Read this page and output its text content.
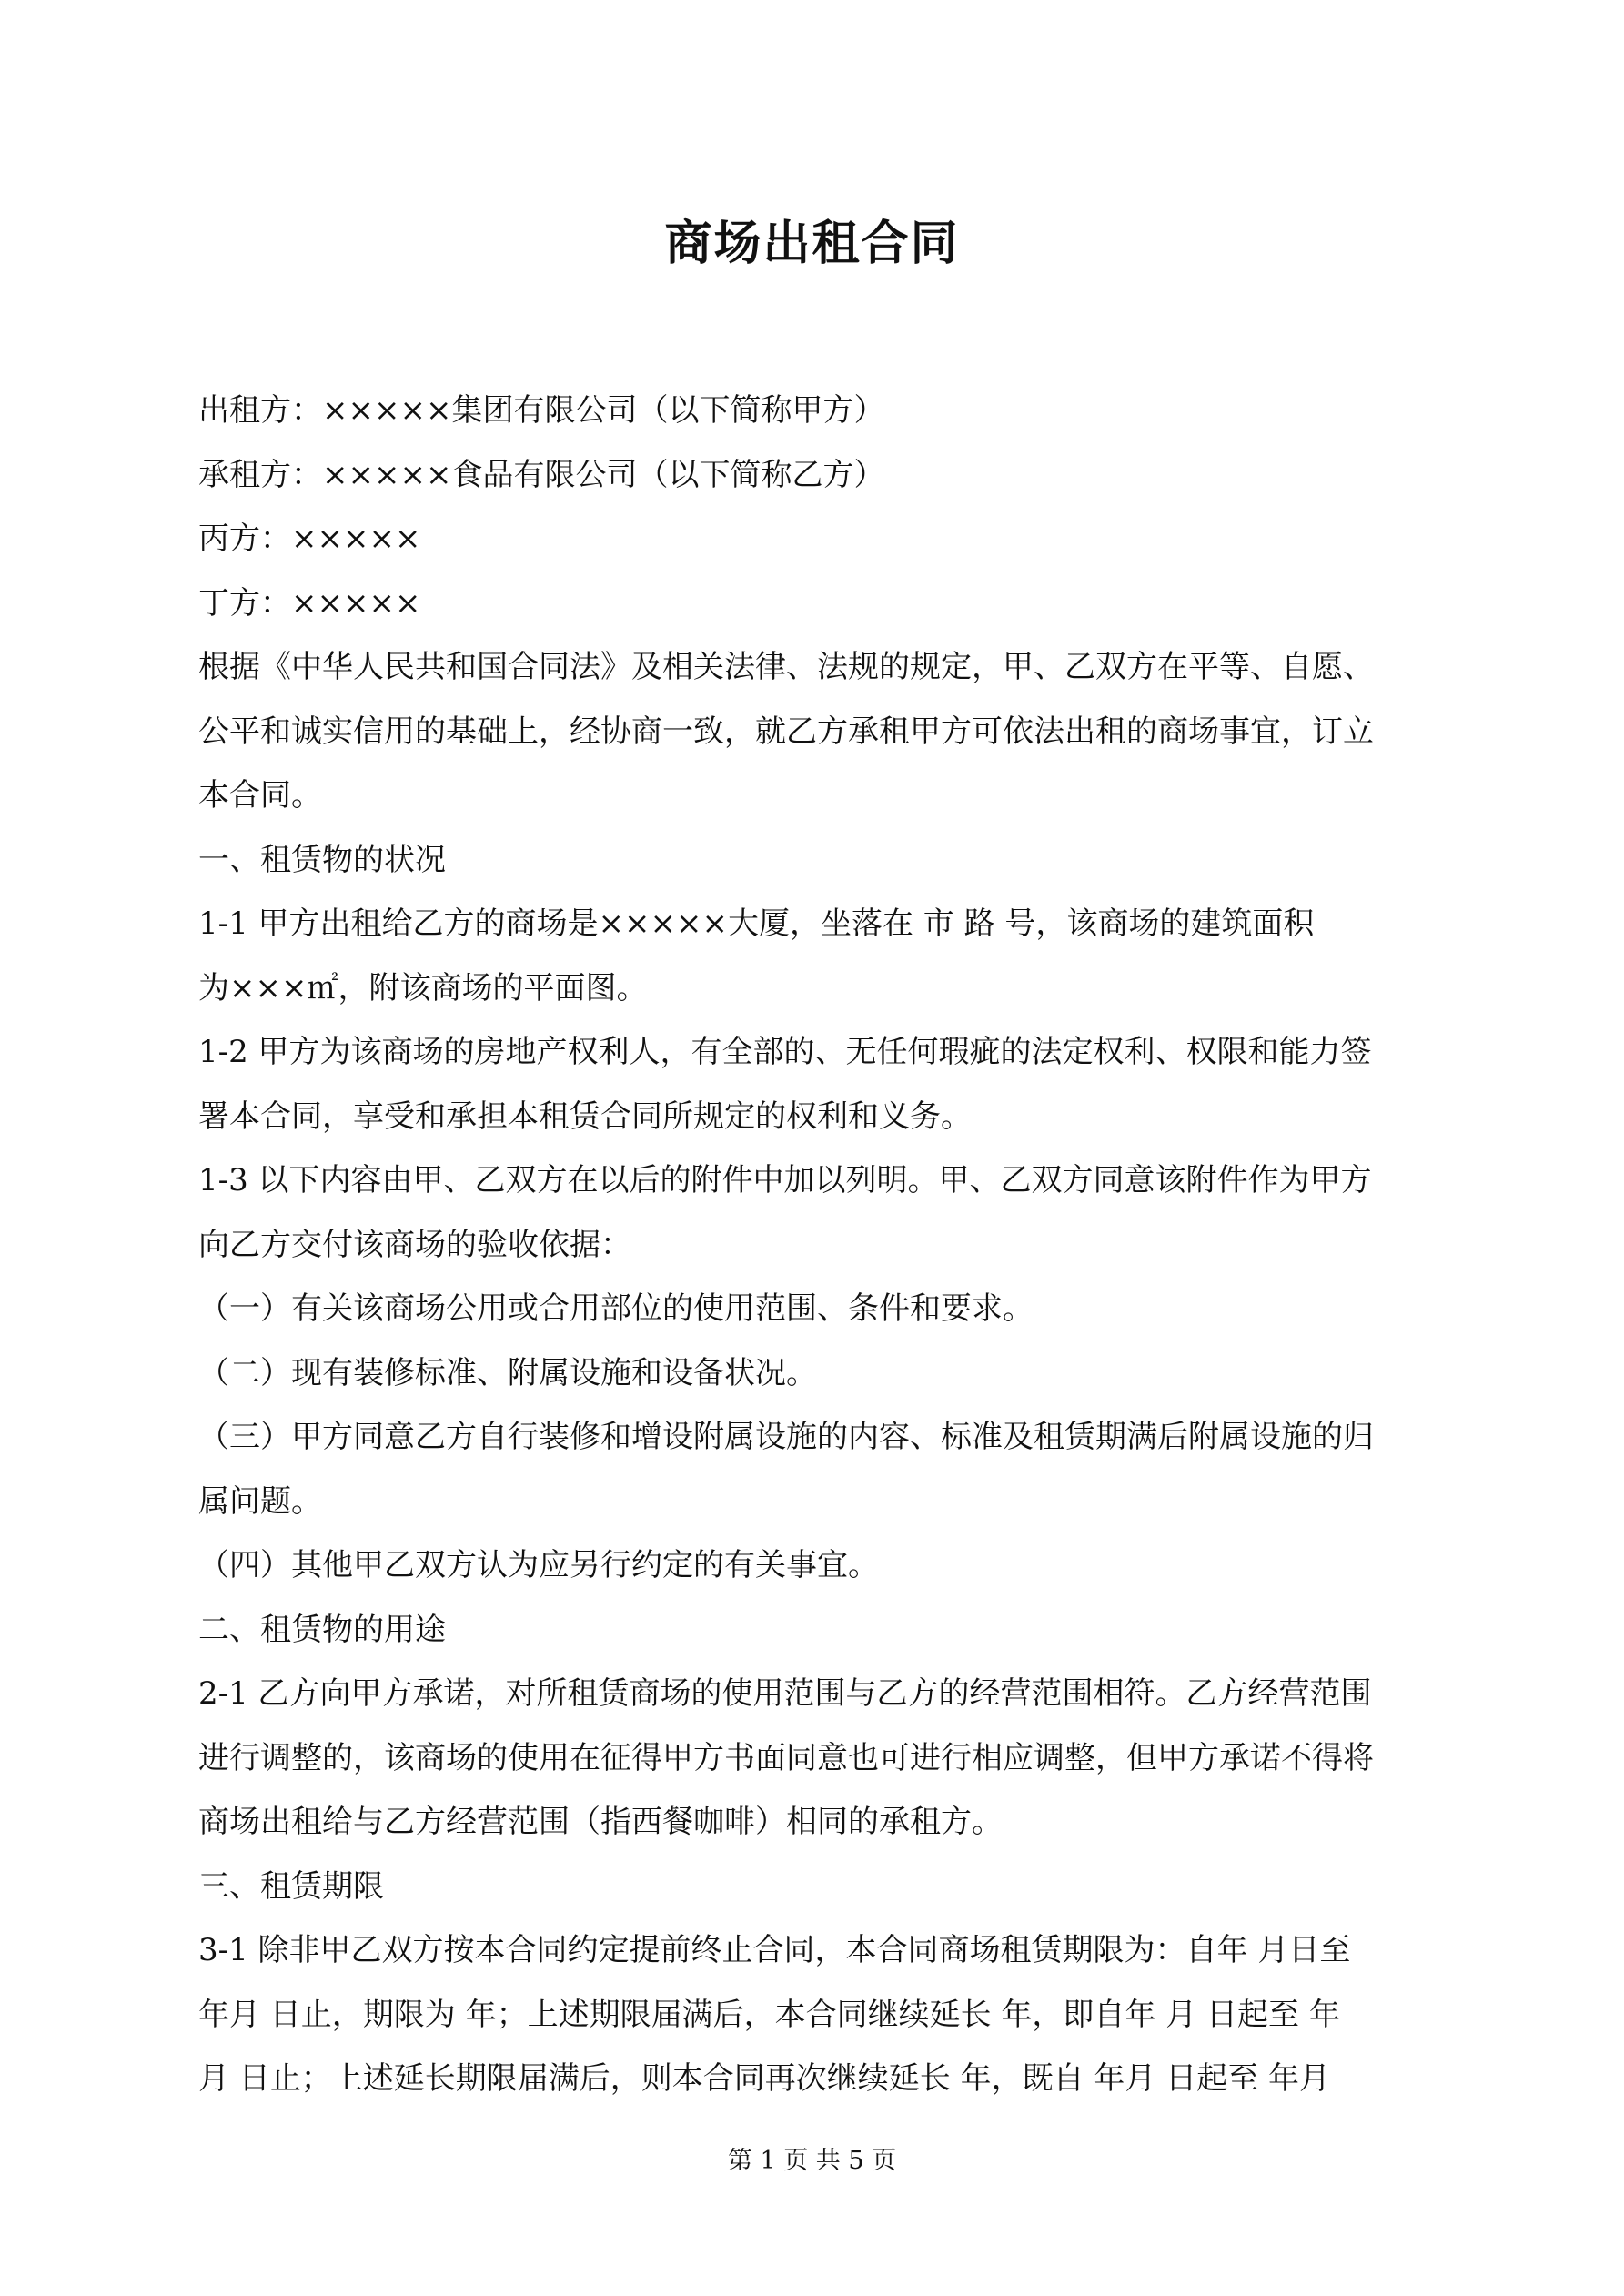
商场出租合同
出租方：×××××集团有限公司（以下简称甲方）
承租方：×××××食品有限公司（以下简称乙方）
丙方：×××××
丁方：×××××
根据《中华人民共和国合同法》及相关法律、法规的规定，甲、乙双方在平等、自愿、
公平和诚实信用的基础上，经协商一致，就乙方承租甲方可依法出租的商场事宜，订立
本合同。
一、租赁物的状况
1-1 甲方出租给乙方的商场是×××××大厦，坐落在 市 路 号，该商场的建筑面积
为×××㎡，附该商场的平面图。
1-2 甲方为该商场的房地产权利人，有全部的、无任何瑕疵的法定权利、权限和能力签
署本合同，享受和承担本租赁合同所规定的权利和义务。
1-3 以下内容由甲、乙双方在以后的附件中加以列明。甲、乙双方同意该附件作为甲方
向乙方交付该商场的验收依据：
（一）有关该商场公用或合用部位的使用范围、条件和要求。
（二）现有装修标准、附属设施和设备状况。
（三）甲方同意乙方自行装修和增设附属设施的内容、标准及租赁期满后附属设施的归
属问题。
（四）其他甲乙双方认为应另行约定的有关事宜。
二、租赁物的用途
2-1 乙方向甲方承诺，对所租赁商场的使用范围与乙方的经营范围相符。乙方经营范围
进行调整的，该商场的使用在征得甲方书面同意也可进行相应调整，但甲方承诺不得将
商场出租给与乙方经营范围（指西餐咖啡）相同的承租方。
三、租赁期限
3-1 除非甲乙双方按本合同约定提前终止合同，本合同商场租赁期限为：自年 月日至
年月 日止，期限为 年；上述期限届满后，本合同继续延长 年，即自年 月 日起至 年
月 日止；上述延长期限届满后，则本合同再次继续延长 年，既自 年月 日起至 年月
第 1 页 共 5 页
